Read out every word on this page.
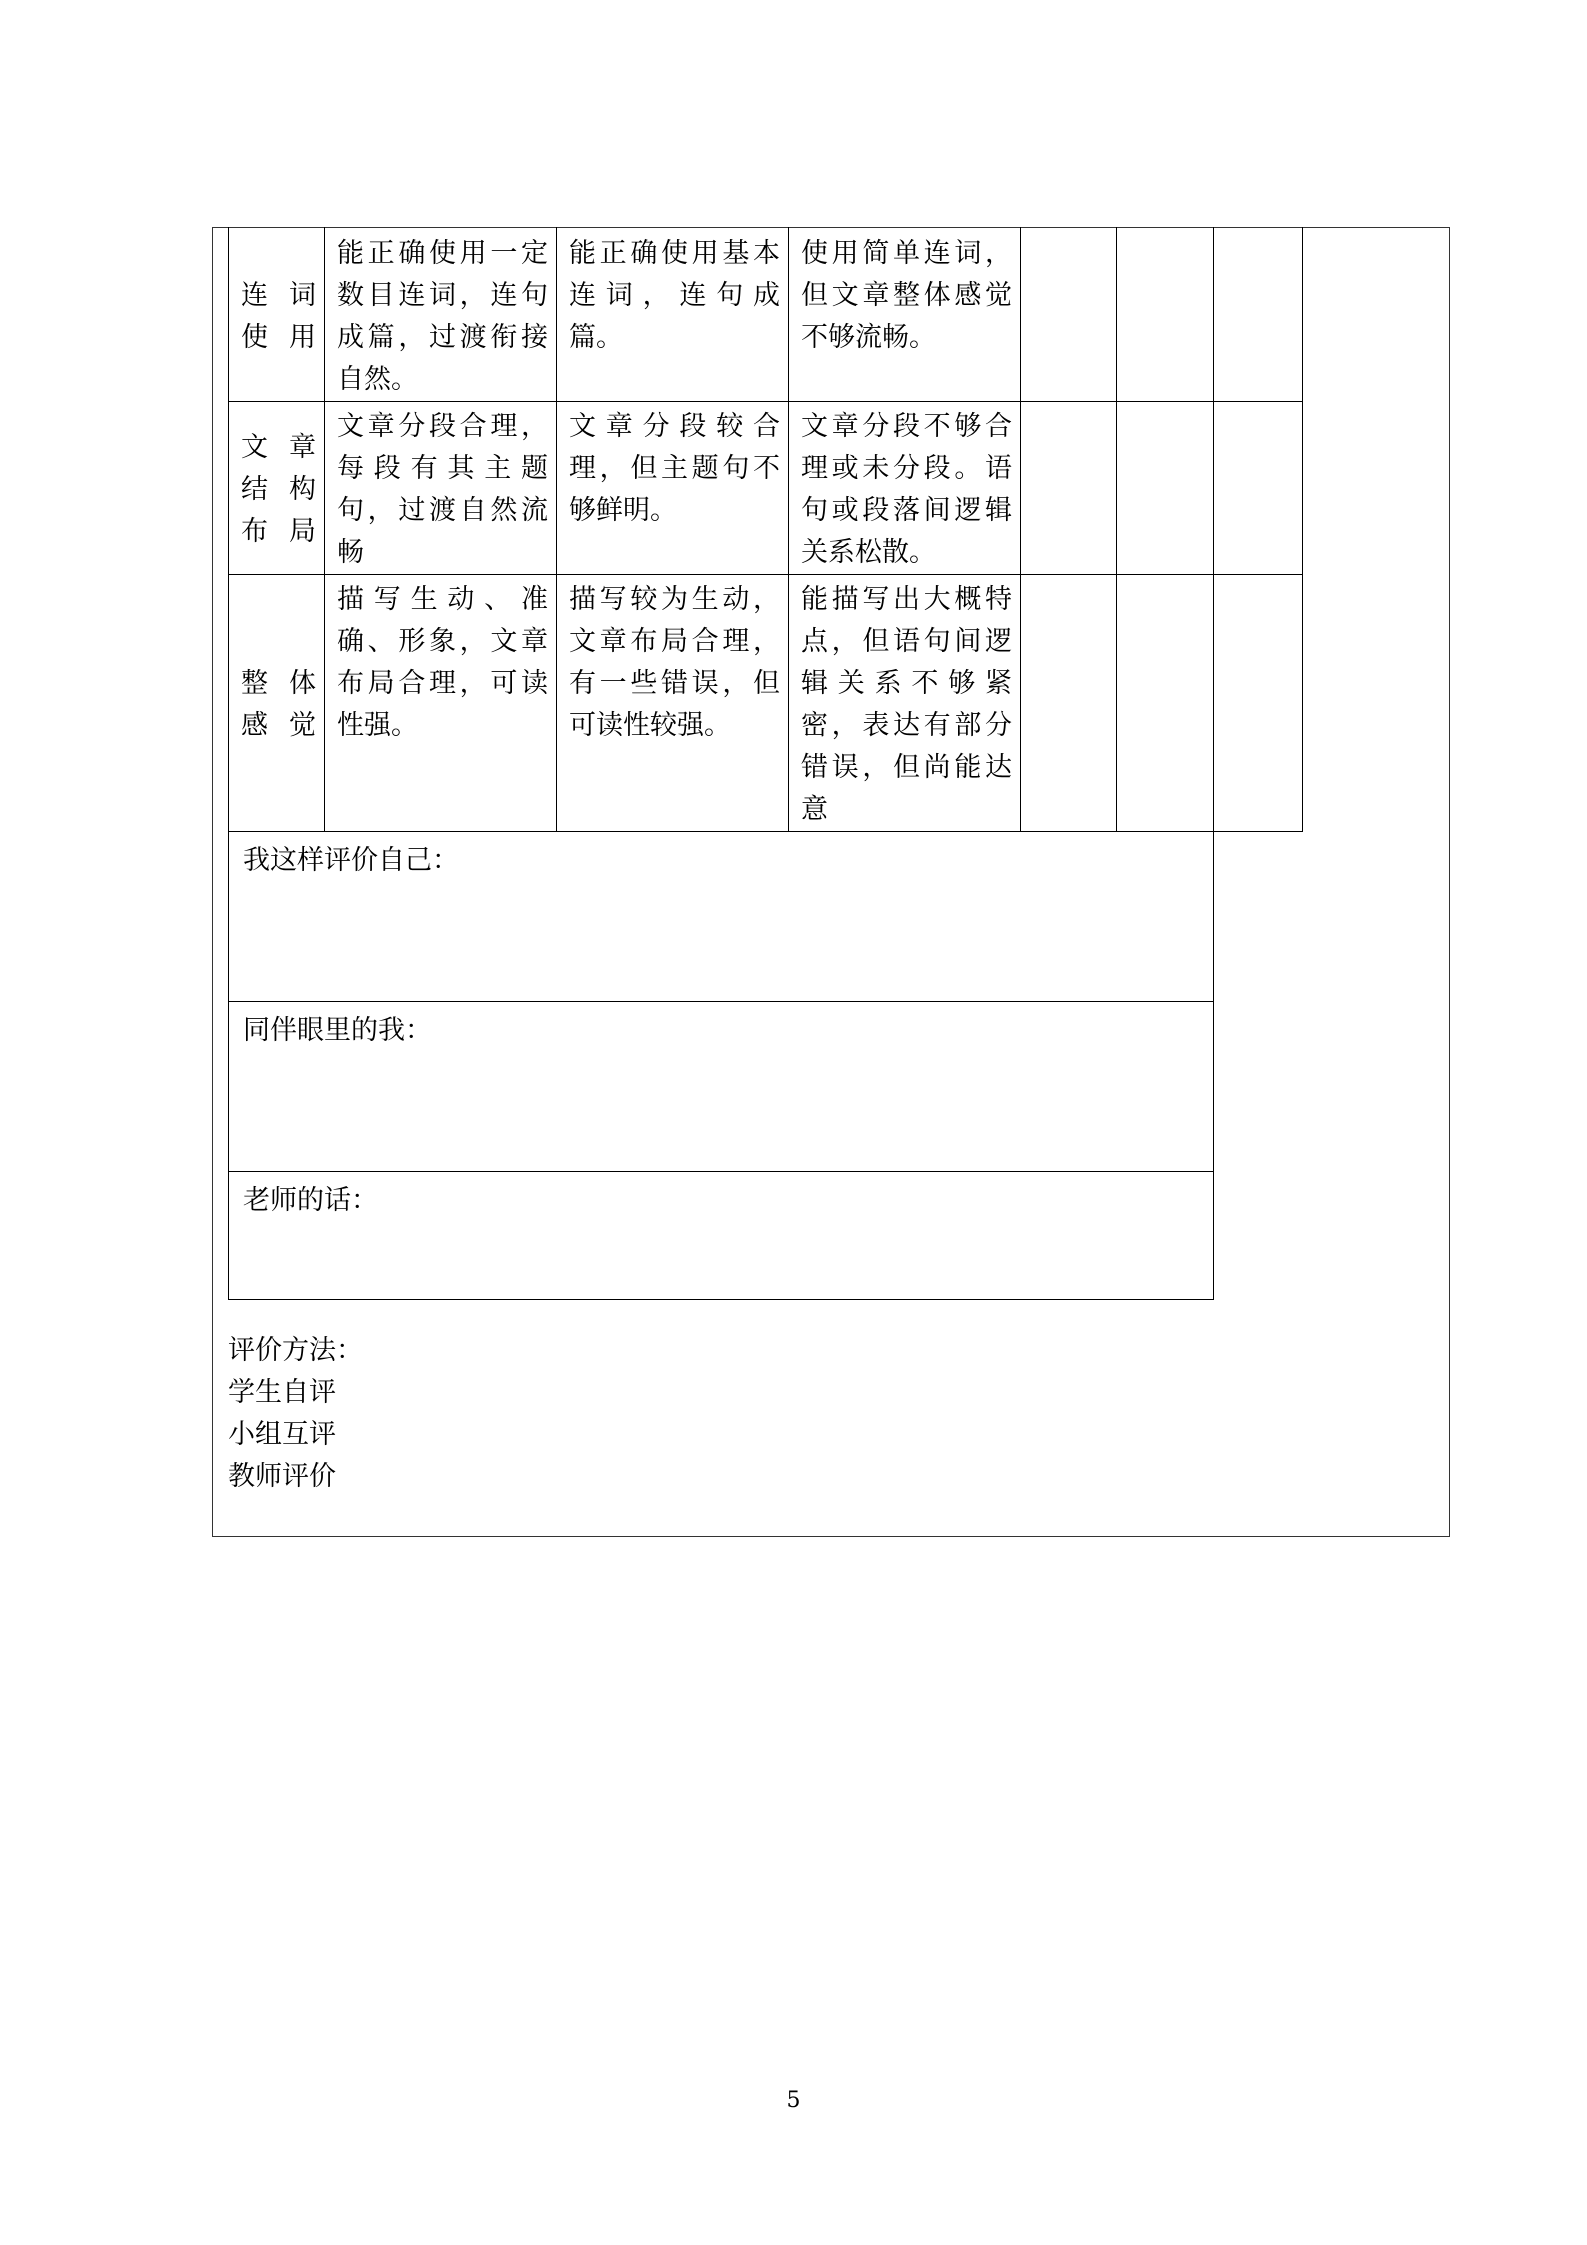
连 词 使用	能正确使用一定数目连词，连句成篇，过渡衔接自然。	能正确使用基本连词，连句成篇。	使用简单连词，但文章整体感觉不够流畅。			
文 章 结 构 布局	文章分段合理，每段有其主题句，过渡自然流畅	文章分段较合理，但主题句不够鲜明。	文章分段不够合理或未分段。语句或段落间逻辑关系松散。			
整 体 感觉	描写生动、准确、形象，文章布局合理，可读性强。	描写较为生动，文章布局合理，有一些错误，但可读性较强。	能描写出大概特点，但语句间逻辑关系不够紧密，表达有部分错误，但尚能达意			
我这样评价自己：						
同伴眼里的我：						
老师的话：						
评价方法：
学生自评
小组互评
教师评价
5
